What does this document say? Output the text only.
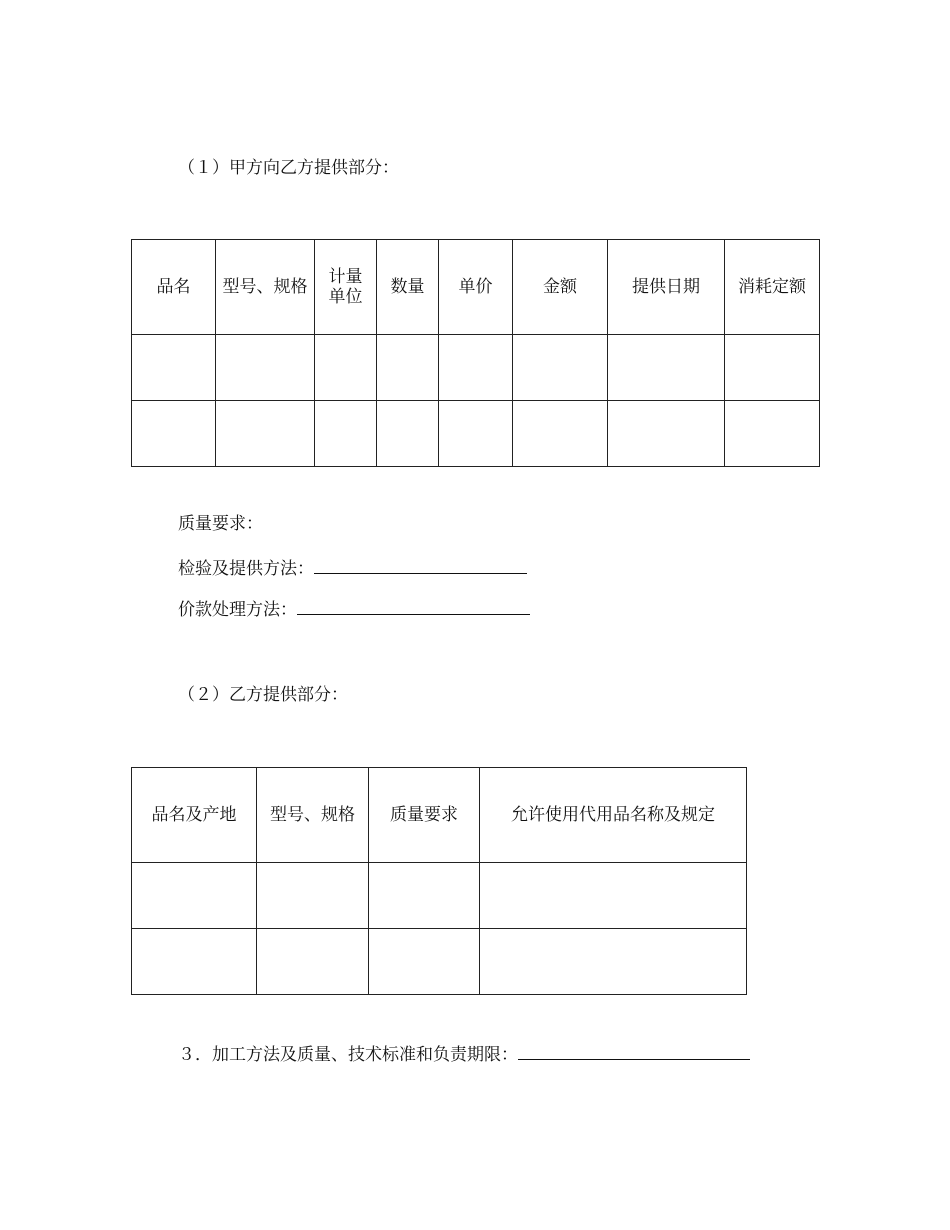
（１）甲方向乙方提供部分：
品名	型号、规格	计量单位	数量	单价	金额	提供日期	消耗定额

质量要求：
检验及提供方法：
价款处理方法：
（２）乙方提供部分：
品名及产地	型号、规格	质量要求	允许使用代用品名称及规定

３．加工方法及质量、技术标准和负责期限：
